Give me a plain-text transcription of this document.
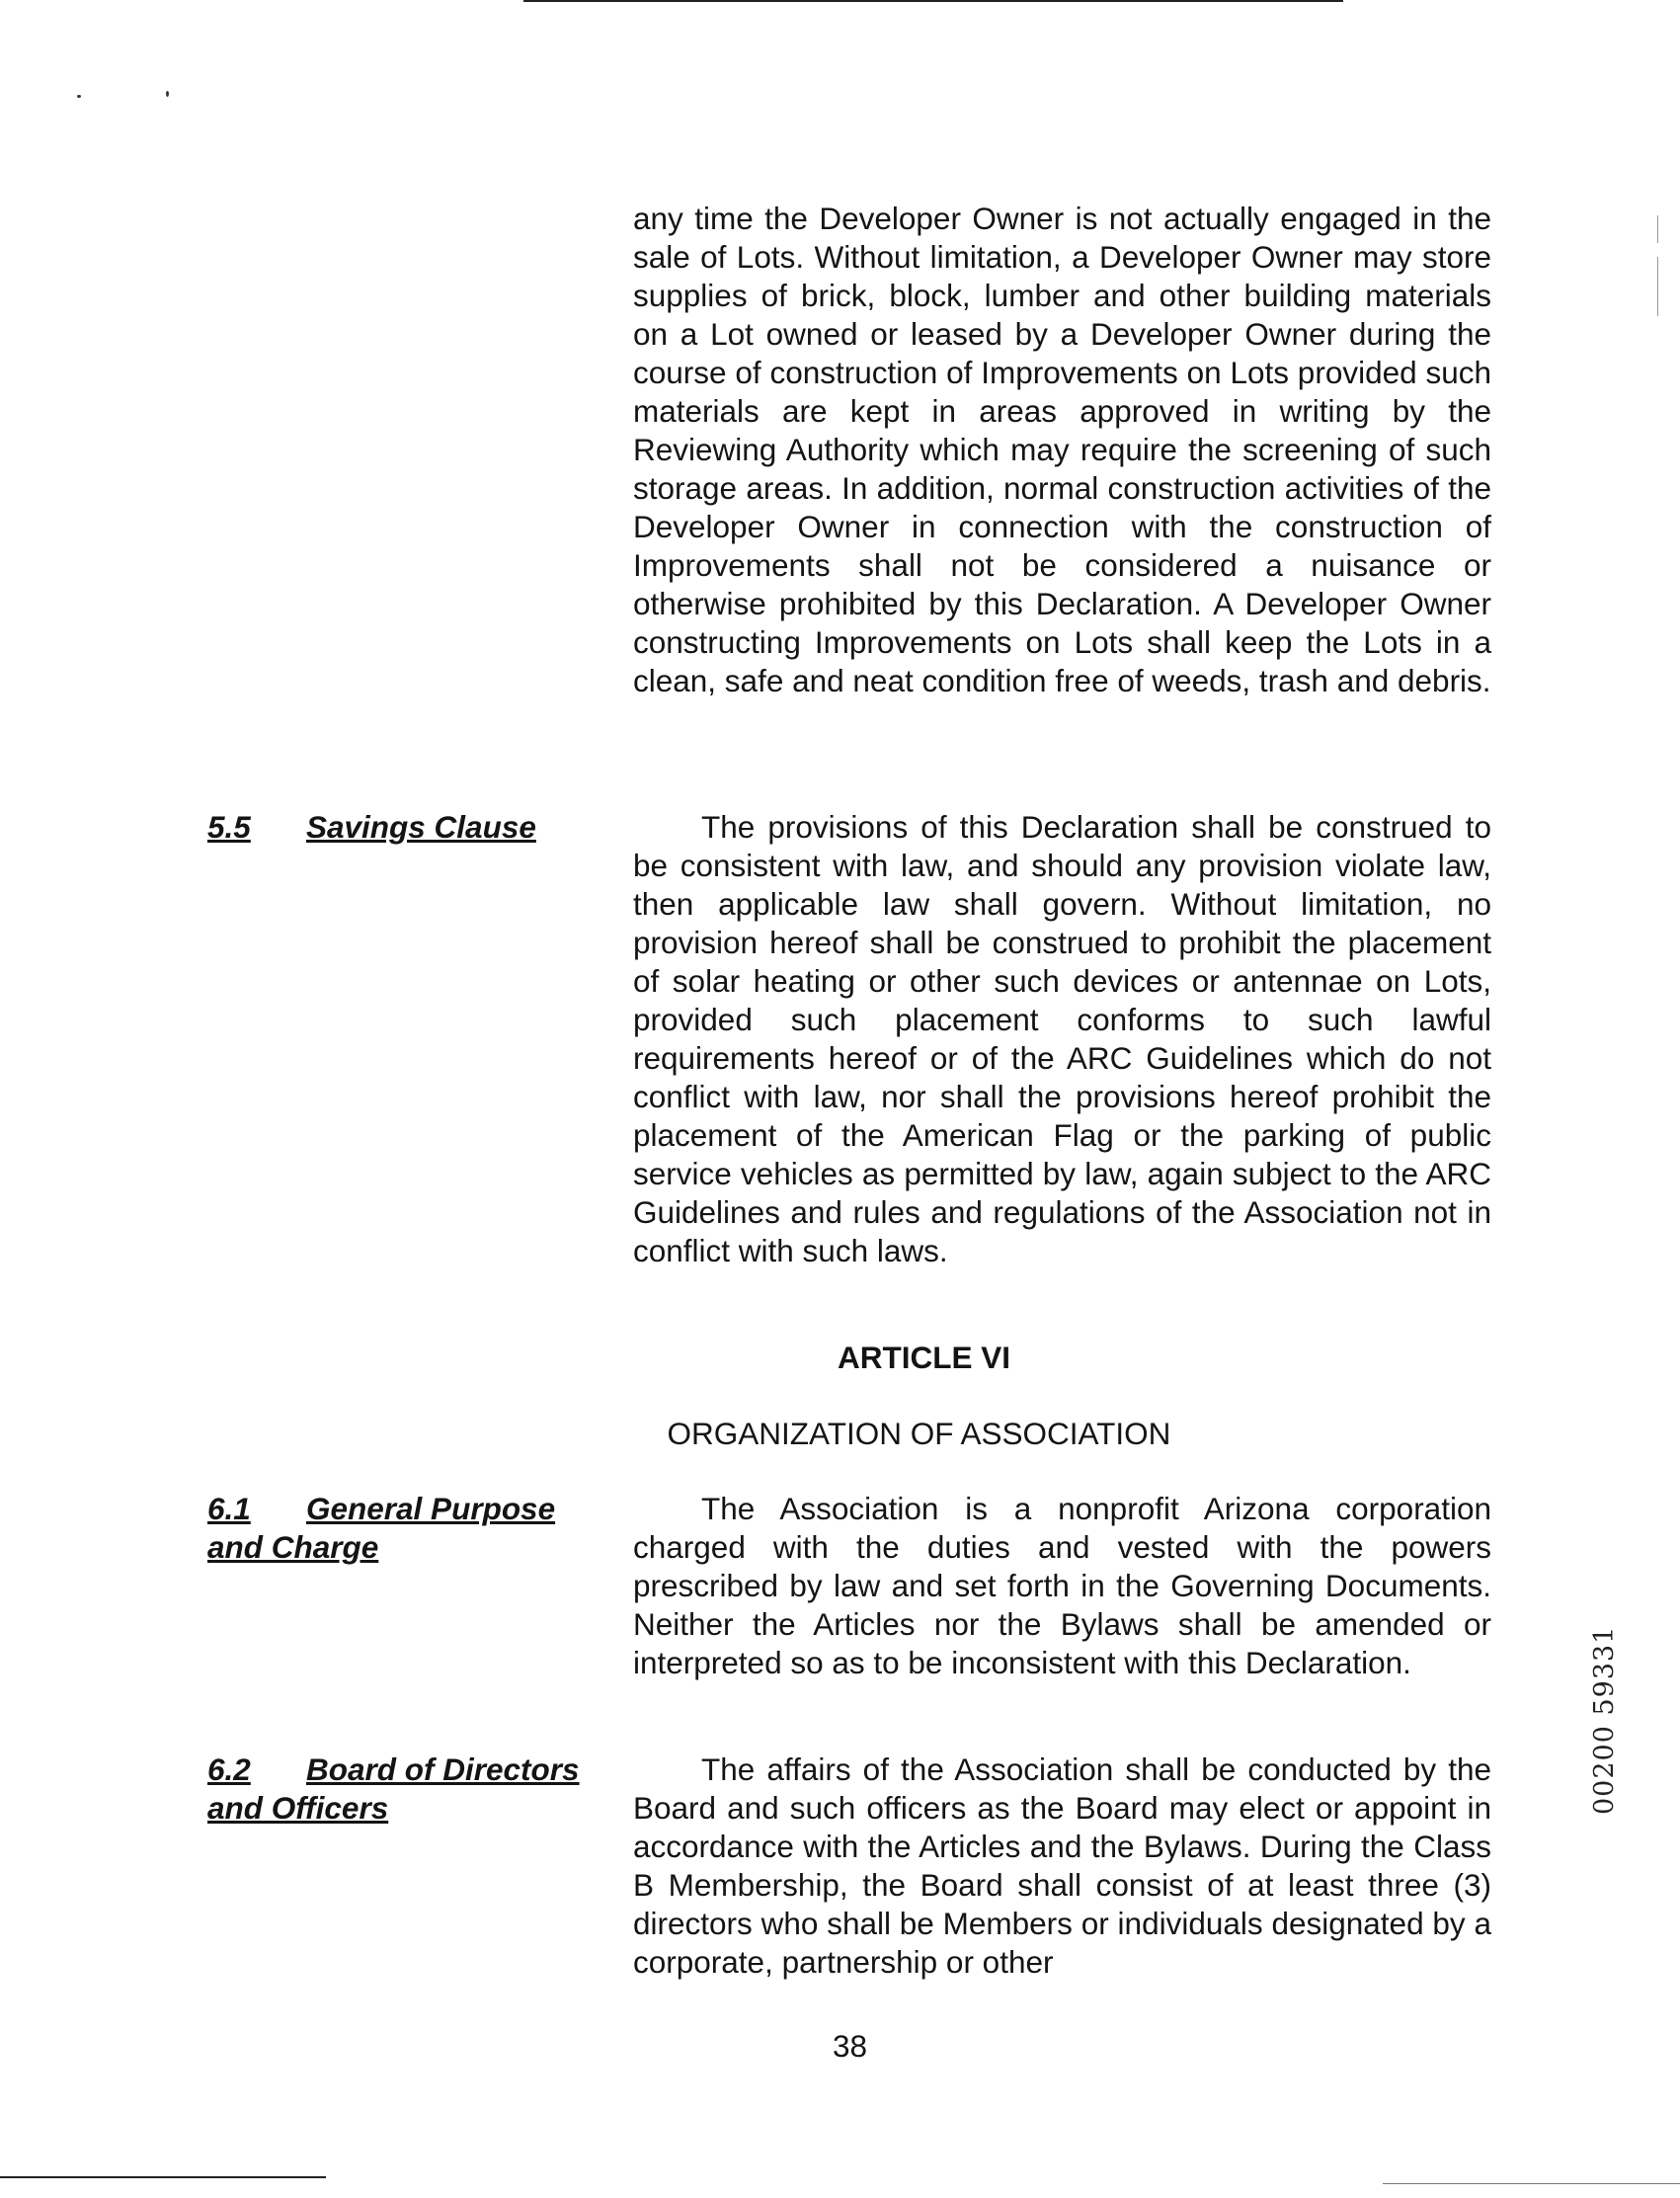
any time the Developer Owner is not actually engaged in the sale of Lots. Without limitation, a Developer Owner may store supplies of brick, block, lumber and other building materials on a Lot owned or leased by a Developer Owner during the course of construction of Improvements on Lots provided such materials are kept in areas approved in writing by the Reviewing Authority which may require the screening of such storage areas. In addition, normal construction activities of the Developer Owner in connection with the construction of Improvements shall not be considered a nuisance or otherwise prohibited by this Declaration. A Developer Owner constructing Improvements on Lots shall keep the Lots in a clean, safe and neat condition free of weeds, trash and debris.

5.5 Savings Clause	The provisions of this Declaration shall be construed to be consistent with law, and should any provision violate law, then applicable law shall govern. Without limitation, no provision hereof shall be construed to prohibit the placement of solar heating or other such devices or antennae on Lots, provided such placement conforms to such lawful requirements hereof or of the ARC Guidelines which do not conflict with law, nor shall the provisions hereof prohibit the placement of the American Flag or the parking of public service vehicles as permitted by law, again subject to the ARC Guidelines and rules and regulations of the Association not in conflict with such laws.

ARTICLE VI
ORGANIZATION OF ASSOCIATION
6.1 General Purpose
and Charge

The Association is a nonprofit Arizona corporation charged with the duties and vested with the powers prescribed by law and set forth in the Governing Documents. Neither the Articles nor the Bylaws shall be amended or interpreted so as to be inconsistent with this Declaration.

6.2 Board of Directors
and Officers

The affairs of the Association shall be conducted by the Board and such officers as the Board may elect or appoint in accordance with the Articles and the Bylaws. During the Class B Membership, the Board shall consist of at least three (3) directors who shall be Members or individuals designated by a corporate, partnership or other

38
00200 59331
